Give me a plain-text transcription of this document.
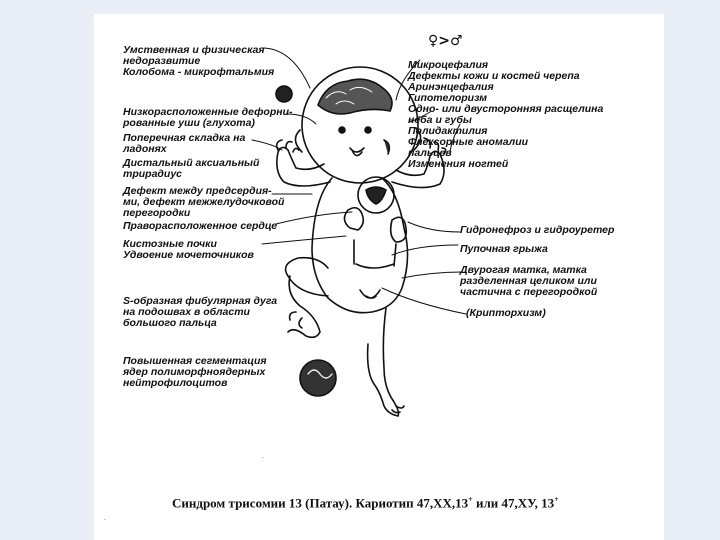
.
.
Умственная и физическая
недоразвитие
Колобома - микрофтальмия
Низкорасположенные дефорни-
рованные уши (глухота)
Поперечная складка на
ладонях
Дистальный аксиальный
трирадиус
Дефект между предсердия-
ми, дефект межжелудочковой
перегородки
Праворасположенное сердце
Кистозные почки
Удвоение мочеточников
S-образная фибулярная дуга
на подошвах в области
большого пальца
Повышенная сегментация
ядер полиморфноядерных
нейтрофилоцитов
♀>♂
Микроцефалия
Дефекты кожи и костей черепа
Аринэнцефалия
Гипотелоризм
Одно- или двусторонняя расщелина
нёба и губы
Полидактилия
Флексорные аномалии
пальцев
Изменения ногтей
Гидронефроз и гидроуретер
Пупочная грыжа
Двурогая матка, матка
разделенная целиком или
частична с перегородкой
(Крипторхизм)
Синдром трисомии 13 (Патау). Кариотип 47,ХХ,13+ или 47,ХУ, 13+
